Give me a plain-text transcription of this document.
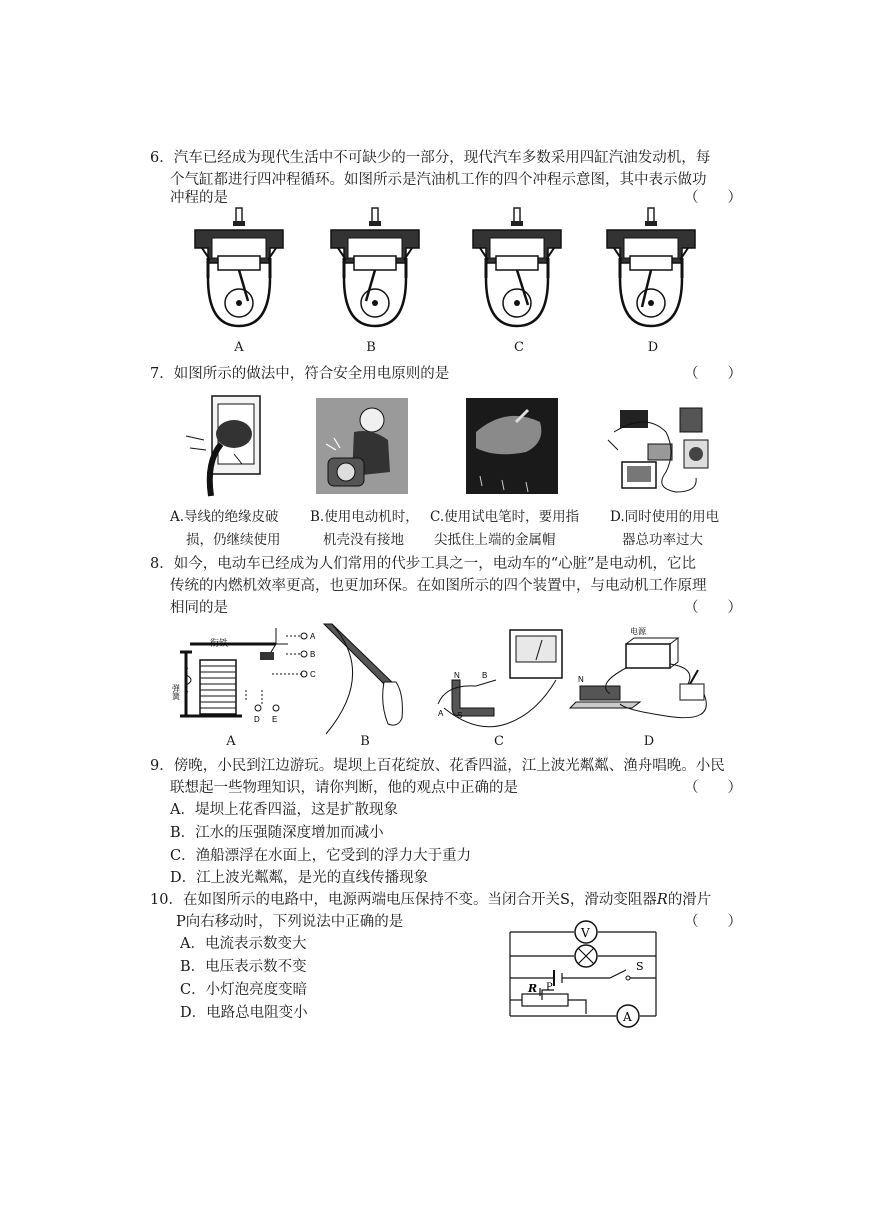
6．汽车已经成为现代生活中不可缺少的一部分，现代汽车多数采用四缸汽油发动机，每
个气缸都进行四冲程循环。如图所示是汽油机工作的四个冲程示意图，其中表示做功
冲程的是	（　　）
A	B	C	D
7．如图所示的做法中，符合安全用电原则的是	（　　）
A.导线的绝缘皮破
损，仍继续使用
B.使用电动机时，
机壳没有接地
C.使用试电笔时，要用指
尖抵住上端的金属帽
D.同时使用的用电
器总功率过大
8．如今，电动车已经成为人们常用的代步工具之一，电动车的“心脏”是电动机，它比
传统的内燃机效率更高，也更加环保。在如图所示的四个装置中，与电动机工作原理
相同的是	（　　）
衔铁
弹簧
A
B
C
D E
N
S
A
B
电源
N
A	B	C	D
9．傍晚，小民到江边游玩。堤坝上百花绽放、花香四溢，江上波光粼粼、渔舟唱晚。小民
联想起一些物理知识，请你判断，他的观点中正确的是	（　　）
A．堤坝上花香四溢，这是扩散现象
B．江水的压强随深度增加而减小
C．渔船漂浮在水面上，它受到的浮力大于重力
D．江上波光粼粼，是光的直线传播现象
10．在如图所示的电路中，电源两端电压保持不变。当闭合开关S，滑动变阻器R的滑片
P向右移动时，下列说法中正确的是	（　　）
A．电流表示数变大
B．电压表示数不变
C．小灯泡亮度变暗
D．电路总电阻变小
V
A
S
R P
